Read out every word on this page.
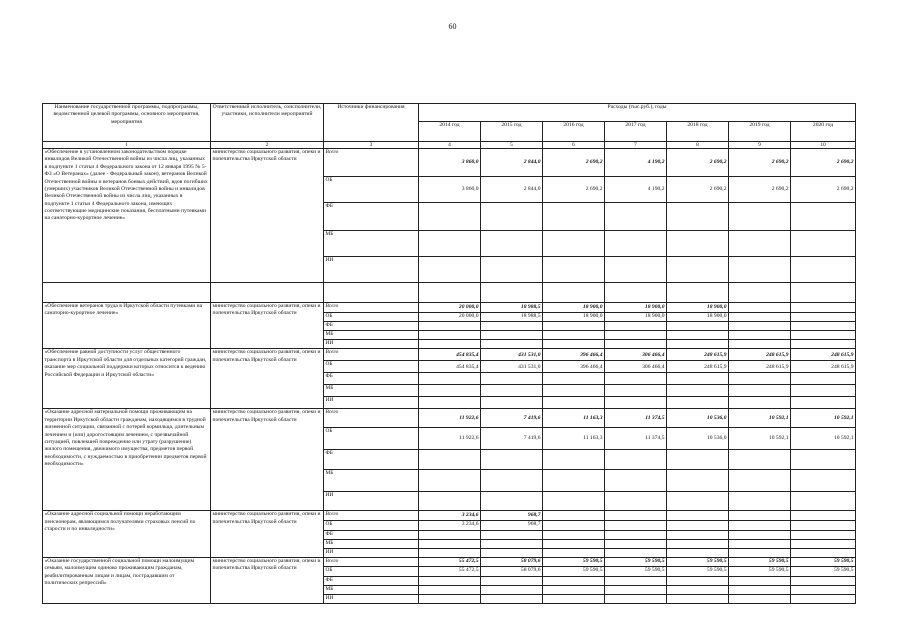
60
Наименование государственной программы, подпрограммы, ведомственной целевой программы, основного мероприятия, мероприятия	Ответственный исполнитель, соисполнители, участники, исполнители мероприятий	Источники финансирования	Расходы (тыс.руб.), годы						
			2014 год	2015 год	2016 год	2017 год	2018 год	2019 год	2020 год
1	2	3	4	5	6	7	8	9	10
«Обеспечение в установленном законодательством порядке инвалидов Великой Отечественной войны из числа лиц, указанных в подпункте 1 статьи 4 Федерального закона от 12 января 1995 № 5-ФЗ «О Ветеранах» (далее - Федеральный закон), ветеранов Великой Отечественной войны и ветеранов боевых действий, вдов погибших (умерших) участников Великой Отечественной войны и инвалидов Великой Отечественной войны из числа лиц, указанных в подпункте 1 статьи 4 Федерального закона, имеющих соответствующие медицинские показания, бесплатными путевками на санаторно-курортное лечение»	министерство социального развития, опеки и попечительства Иркутской области	Всего	3 860,0	2 844,0	2 690,2	4 190,2	2 690,2	2 690,2	2 690,2
		ОБ	3 860,0	2 844,0	2 690,2	4 190,2	2 690,2	2 690,2	2 690,2
		ФБ							
		МБ							
		ИИ							

«Обеспечение ветеранов труда в Иркутской области путевками на санаторно-курортное лечение»	министерство социального развития, опеки и попечительства Иркутской области	Всего	20 000,0	18 988,5	18 900,0	18 900,0	18 900,0		
		ОБ	20 000,0	18 988,5	18 900,0	18 900,0	18 900,0		
		ФБ							
		МБ							
		ИИ							
«Обеспечение равной доступности услуг общественного транспорта в Иркутской области для отдельных категорий граждан, оказание мер социальной поддержки которых относится к ведению Российской Федерации и Иркутской области»	министерство социального развития, опеки и попечительства Иркутской области	Всего	454 835,4	431 531,0	396 466,4	306 466,4	248 615,9	248 615,9	248 615,9
		ОБ	454 835,4	431 531,0	396 466,4	306 466,4	248 615,9	248 615,9	248 615,9
		ФБ							
		МБ							
		ИИ							
«Оказание адресной материальной помощи проживающим на территории Иркутской области гражданам, находящимся в трудной жизненной ситуации, связанной с потерей кормильца, длительным лечением и (или) дорогостоящим лечением, с чрезвычайной ситуацией, повлекшей повреждение или утрату (разрушение) жилого помещения, движимого имущества, предметов первой необходимости, с нуждаемостью в приобретении предметов первой необходимости»	министерство социального развития, опеки и попечительства Иркутской области	Всего	11 922,6	7 419,6	11 163,3	11 374,5	10 536,0	10 592,1	10 592,1
		ОБ	11 922,6	7 419,6	11 163,3	11 374,5	10 536,0	10 592,1	10 592,1
		ФБ							
		МБ							
		ИИ							
«Оказание адресной социальной помощи неработающим пенсионерам, являющимся получателями страховых пенсий по старости и по инвалидности»	министерство социального развития, опеки и попечительства Иркутской области	Всего	3 234,6	968,7					
		ОБ	3 234,6	968,7					
		ФБ							
		МБ							
		ИИ							
«Оказание государственной социальной помощи малоимущим семьям, малоимущим одиноко проживающим гражданам, реабилитированным лицам и лицам, пострадавшим от политических репрессий»	министерство социального развития, опеки и попечительства Иркутской области	Всего	55 472,5	58 079,6	59 590,5	59 590,5	59 590,5	59 590,5	59 590,5
		ОБ	55 472,5	58 079,6	59 590,5	59 590,5	59 590,5	59 590,5	59 590,5
		ФБ							
		МБ							
		ИИ							
